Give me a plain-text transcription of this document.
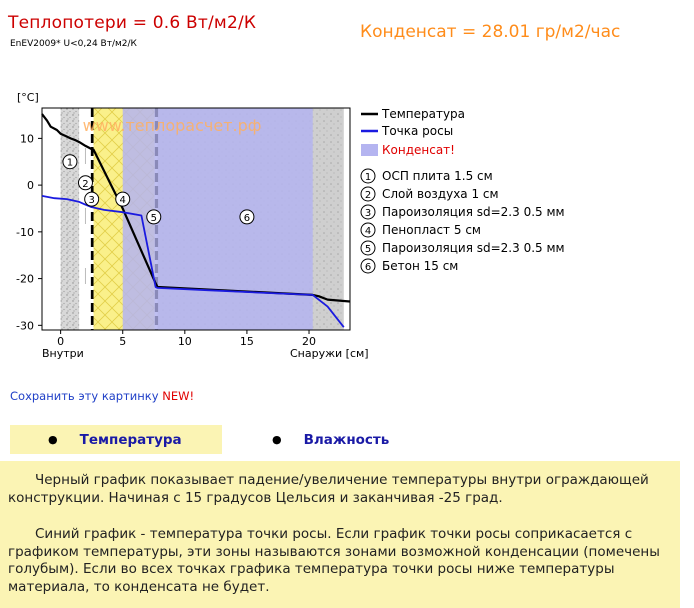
Теплопотери = 0.6 Вт/м2/К
EnEV2009* U<0,24 Вт/м2/К
Конденсат = 28.01 гр/м2/час
www.теплорасчет.рф
[°C]
10
0
-10
-20
-30
0	5	10	15	20
Внутри	Снаружи [см]
1
2
3 4
5	6
Температура
Точка росы
Конденсат!
1 ОСП плита 1.5 см
2 Слой воздуха 1 см
3 Пароизоляция sd=2.3 0.5 мм
4 Пенопласт 5 см
5 Пароизоляция sd=2.3 0.5 мм
6 Бетон 15 см
Сохранить эту картинку NEW!
● Температура	● Влажность
• Черный график показывает падение/увеличение температуры внутри ограждающей конструкции. Начиная с 15 градусов Цельсия и заканчивая -25 град.
• Синий график - температура точки росы. Если график точки росы соприкасается с графиком температуры, эти зоны называются зонами возможной конденсации (помечены голубым). Если во всех точках графика температура точки росы ниже температуры материала, то конденсата не будет.
